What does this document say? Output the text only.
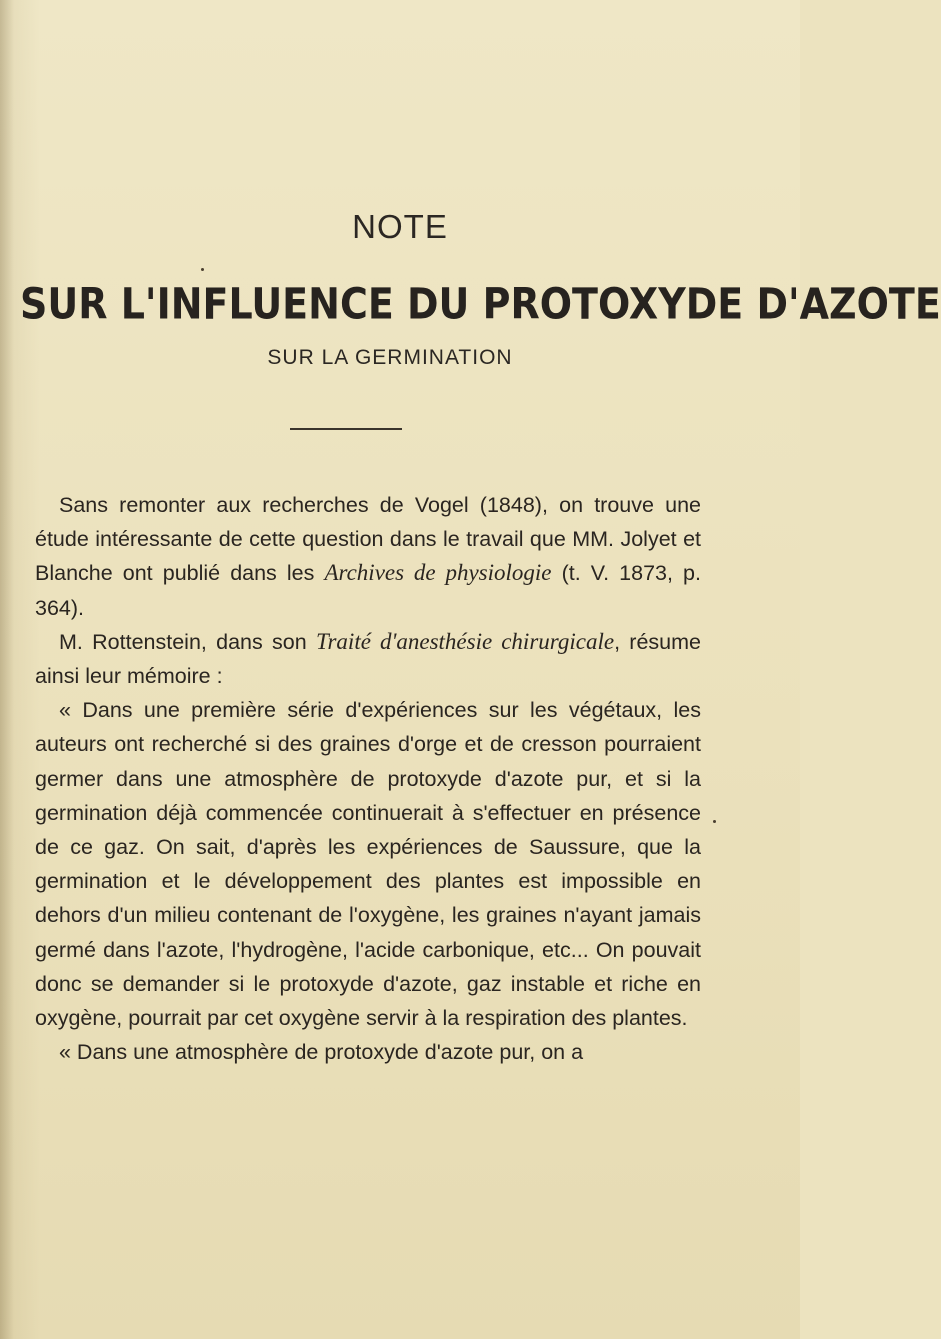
NOTE
SUR L'INFLUENCE DU PROTOXYDE D'AZOTE
SUR LA GERMINATION

Sans remonter aux recherches de Vogel (1848), on trouve une étude intéressante de cette question dans le travail que MM. Jolyet et Blanche ont publié dans les Archives de physiologie (t. V. 1873, p. 364).

M. Rottenstein, dans son Traité d'anesthésie chirurgicale, résume ainsi leur mémoire :

« Dans une première série d'expériences sur les végétaux, les auteurs ont recherché si des graines d'orge et de cresson pourraient germer dans une atmosphère de protoxyde d'azote pur, et si la germination déjà commencée continuerait à s'effectuer en présence de ce gaz. On sait, d'après les expériences de Saussure, que la germination et le développement des plantes est impossible en dehors d'un milieu contenant de l'oxygène, les graines n'ayant jamais germé dans l'azote, l'hydrogène, l'acide carbonique, etc... On pouvait donc se demander si le protoxyde d'azote, gaz instable et riche en oxygène, pourrait par cet oxygène servir à la respiration des plantes.

« Dans une atmosphère de protoxyde d'azote pur, on a
